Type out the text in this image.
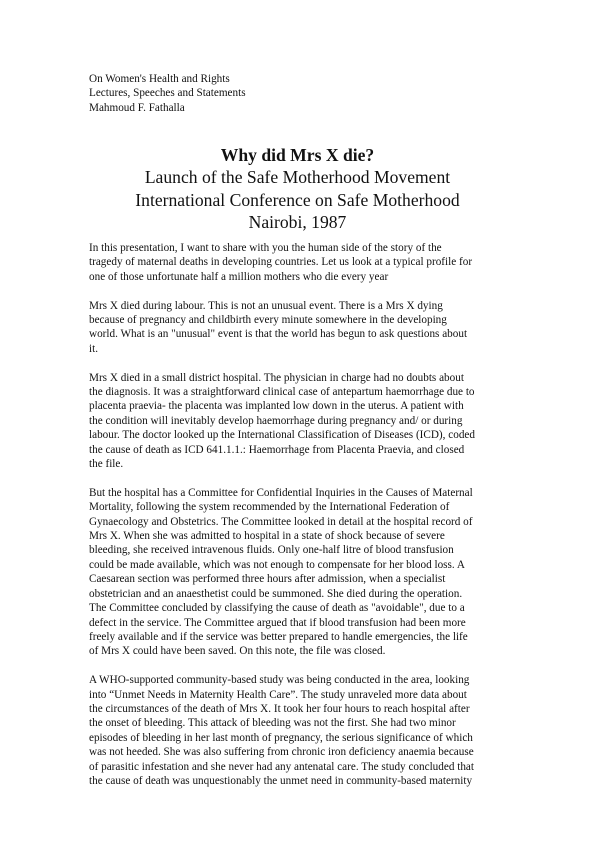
On Women's Health and Rights
Lectures, Speeches and Statements
Mahmoud F. Fathalla
Why did Mrs X die?
Launch of the Safe Motherhood Movement
International Conference on Safe Motherhood
Nairobi, 1987

In this presentation, I want to share with you the human side of the story of the
tragedy of maternal deaths in developing countries. Let us look at a typical profile for
one of those unfortunate half a million mothers who die every year

Mrs X died during labour. This is not an unusual event. There is a Mrs X dying
because of pregnancy and childbirth every minute somewhere in the developing
world. What is an "unusual" event is that the world has begun to ask questions about
it.

Mrs X died in a small district hospital. The physician in charge had no doubts about
the diagnosis. It was a straightforward clinical case of antepartum haemorrhage due to
placenta praevia- the placenta was implanted low down in the uterus. A patient with
the condition will inevitably develop haemorrhage during pregnancy and/ or during
labour. The doctor looked up the International Classification of Diseases (ICD), coded
the cause of death as ICD 641.1.1.: Haemorrhage from Placenta Praevia, and closed
the file.

But the hospital has a Committee for Confidential Inquiries in the Causes of Maternal
Mortality, following the system recommended by the International Federation of
Gynaecology and Obstetrics. The Committee looked in detail at the hospital record of
Mrs X. When she was admitted to hospital in a state of shock because of severe
bleeding, she received intravenous fluids. Only one-half litre of blood transfusion
could be made available, which was not enough to compensate for her blood loss. A
Caesarean section was performed three hours after admission, when a specialist
obstetrician and an anaesthetist could be summoned. She died during the operation.
The Committee concluded by classifying the cause of death as "avoidable", due to a
defect in the service. The Committee argued that if blood transfusion had been more
freely available and if the service was better prepared to handle emergencies, the life
of Mrs X could have been saved. On this note, the file was closed.

A WHO-supported community-based study was being conducted in the area, looking
into “Unmet Needs in Maternity Health Care”. The study unraveled more data about
the circumstances of the death of Mrs X. It took her four hours to reach hospital after
the onset of bleeding. This attack of bleeding was not the first. She had two minor
episodes of bleeding in her last month of pregnancy, the serious significance of which
was not heeded. She was also suffering from chronic iron deficiency anaemia because
of parasitic infestation and she never had any antenatal care. The study concluded that
the cause of death was unquestionably the unmet need in community-based maternity
